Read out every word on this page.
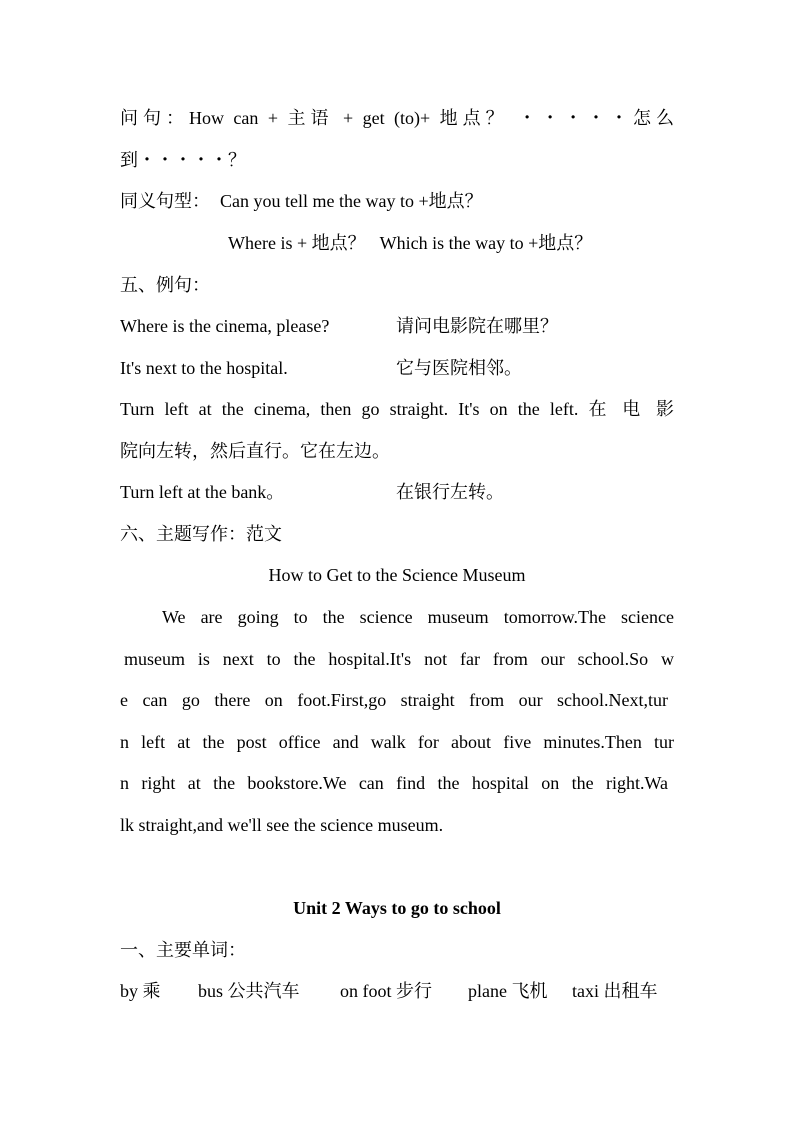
问句：How can + 主语 + get (to)+ 地点？ ・・・・・怎么
到・・・・・？
同义句型： Can you tell me the way to +地点？
Where is + 地点？ Which is the way to +地点？
五、例句：
Where is the cinema, please?	请问电影院在哪里？
It's next to the hospital.	它与医院相邻。
Turn left at the cinema, then go straight. It's on the left. 在 电 影
院向左转，然后直行。它在左边。
Turn left at the bank。	在银行左转。
六、主题写作：范文
How to Get to the Science Museum
We are going to the science museum tomorrow.The science
museum is next to the hospital.It's not far from our school.So w
e can go there on foot.First,go straight from our school.Next,tur
n left at the post office and walk for about five minutes.Then tur
n right at the bookstore.We can find the hospital on the right.Wa
lk straight,and we'll see the science museum.
Unit 2 Ways to go to school
一、主要单词：
by 乘 bus 公共汽车 on foot 步行 plane 飞机 taxi 出租车
